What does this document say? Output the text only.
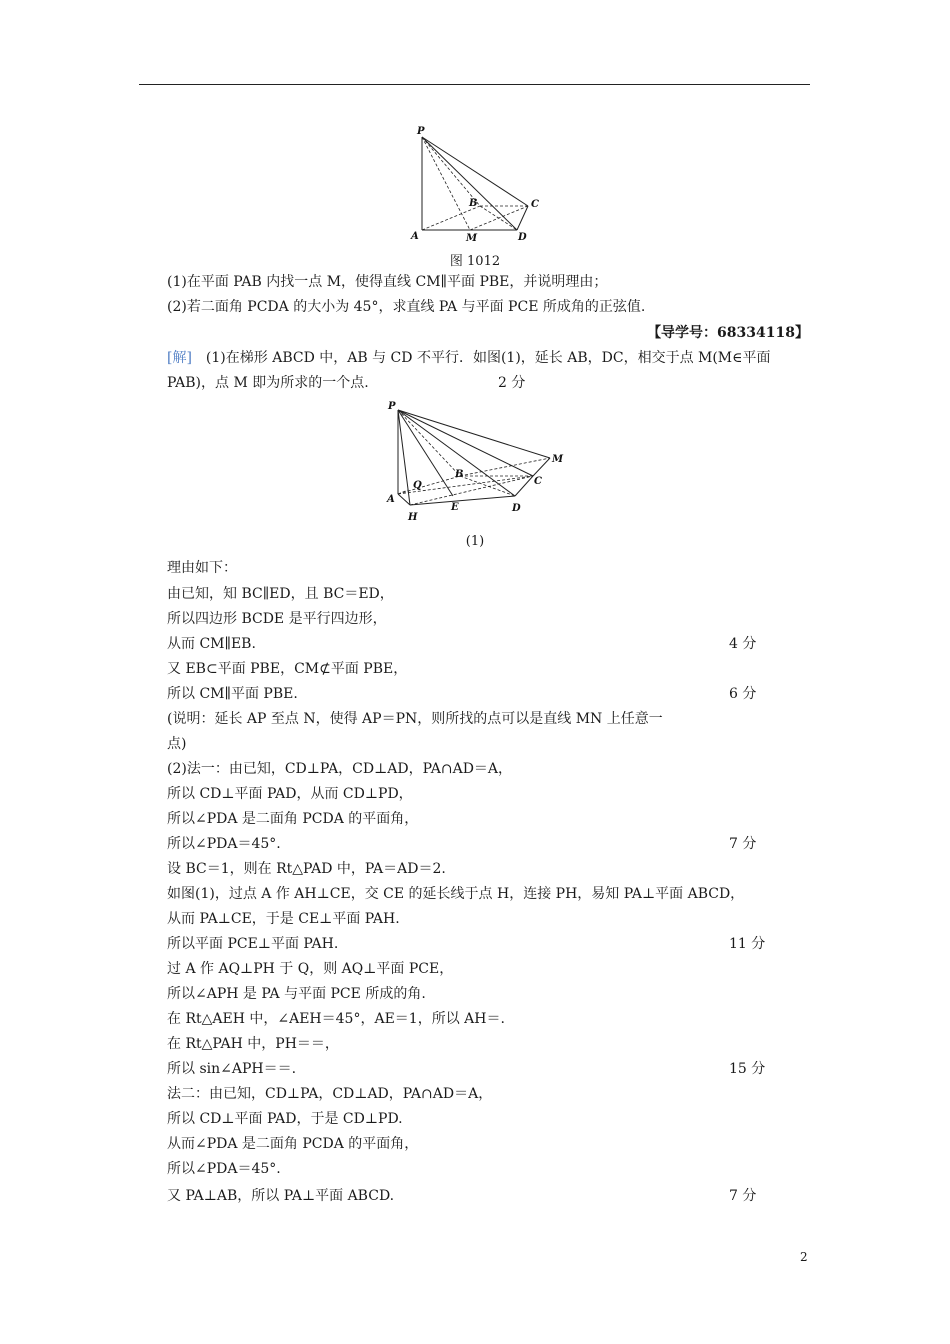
P
A
B	C
D
M
图 1012
(1)在平面 PAB 内找一点 M，使得直线 CM∥平面 PBE，并说明理由；
(2)若二面角 PCDA 的大小为 45°，求直线 PA 与平面 PCE 所成角的正弦值.
【导学号：68334118】
[解]　(1)在梯形 ABCD 中，AB 与 CD 不平行．如图(1)，延长 AB，DC，相交于点 M(M∈平面
PAB)，点 M 即为所求的一个点.	2 分
P
A
Q
B
H
E
C
D
M
(1)
理由如下：
由已知，知 BC∥ED，且 BC＝ED，
所以四边形 BCDE 是平行四边形，
从而 CM∥EB.	4 分
又 EB⊂平面 PBE，CM⊄平面 PBE，
所以 CM∥平面 PBE.	6 分
(说明：延长 AP 至点 N，使得 AP＝PN，则所找的点可以是直线 MN 上任意一
点)
(2)法一：由已知，CD⊥PA，CD⊥AD，PA∩AD＝A，
所以 CD⊥平面 PAD，从而 CD⊥PD，
所以∠PDA 是二面角 PCDA 的平面角，
所以∠PDA＝45°.	7 分
设 BC＝1，则在 Rt△PAD 中，PA＝AD＝2.
如图(1)，过点 A 作 AH⊥CE，交 CE 的延长线于点 H，连接 PH，易知 PA⊥平面 ABCD，
从而 PA⊥CE，于是 CE⊥平面 PAH.
所以平面 PCE⊥平面 PAH.	11 分
过 A 作 AQ⊥PH 于 Q，则 AQ⊥平面 PCE，
所以∠APH 是 PA 与平面 PCE 所成的角.
在 Rt△AEH 中，∠AEH＝45°，AE＝1，所以 AH＝.
在 Rt△PAH 中，PH＝＝，
所以 sin∠APH＝＝.	15 分
法二：由已知，CD⊥PA，CD⊥AD，PA∩AD＝A，
所以 CD⊥平面 PAD，于是 CD⊥PD.
从而∠PDA 是二面角 PCDA 的平面角，
所以∠PDA＝45°.
又 PA⊥AB，所以 PA⊥平面 ABCD.	7 分
2
